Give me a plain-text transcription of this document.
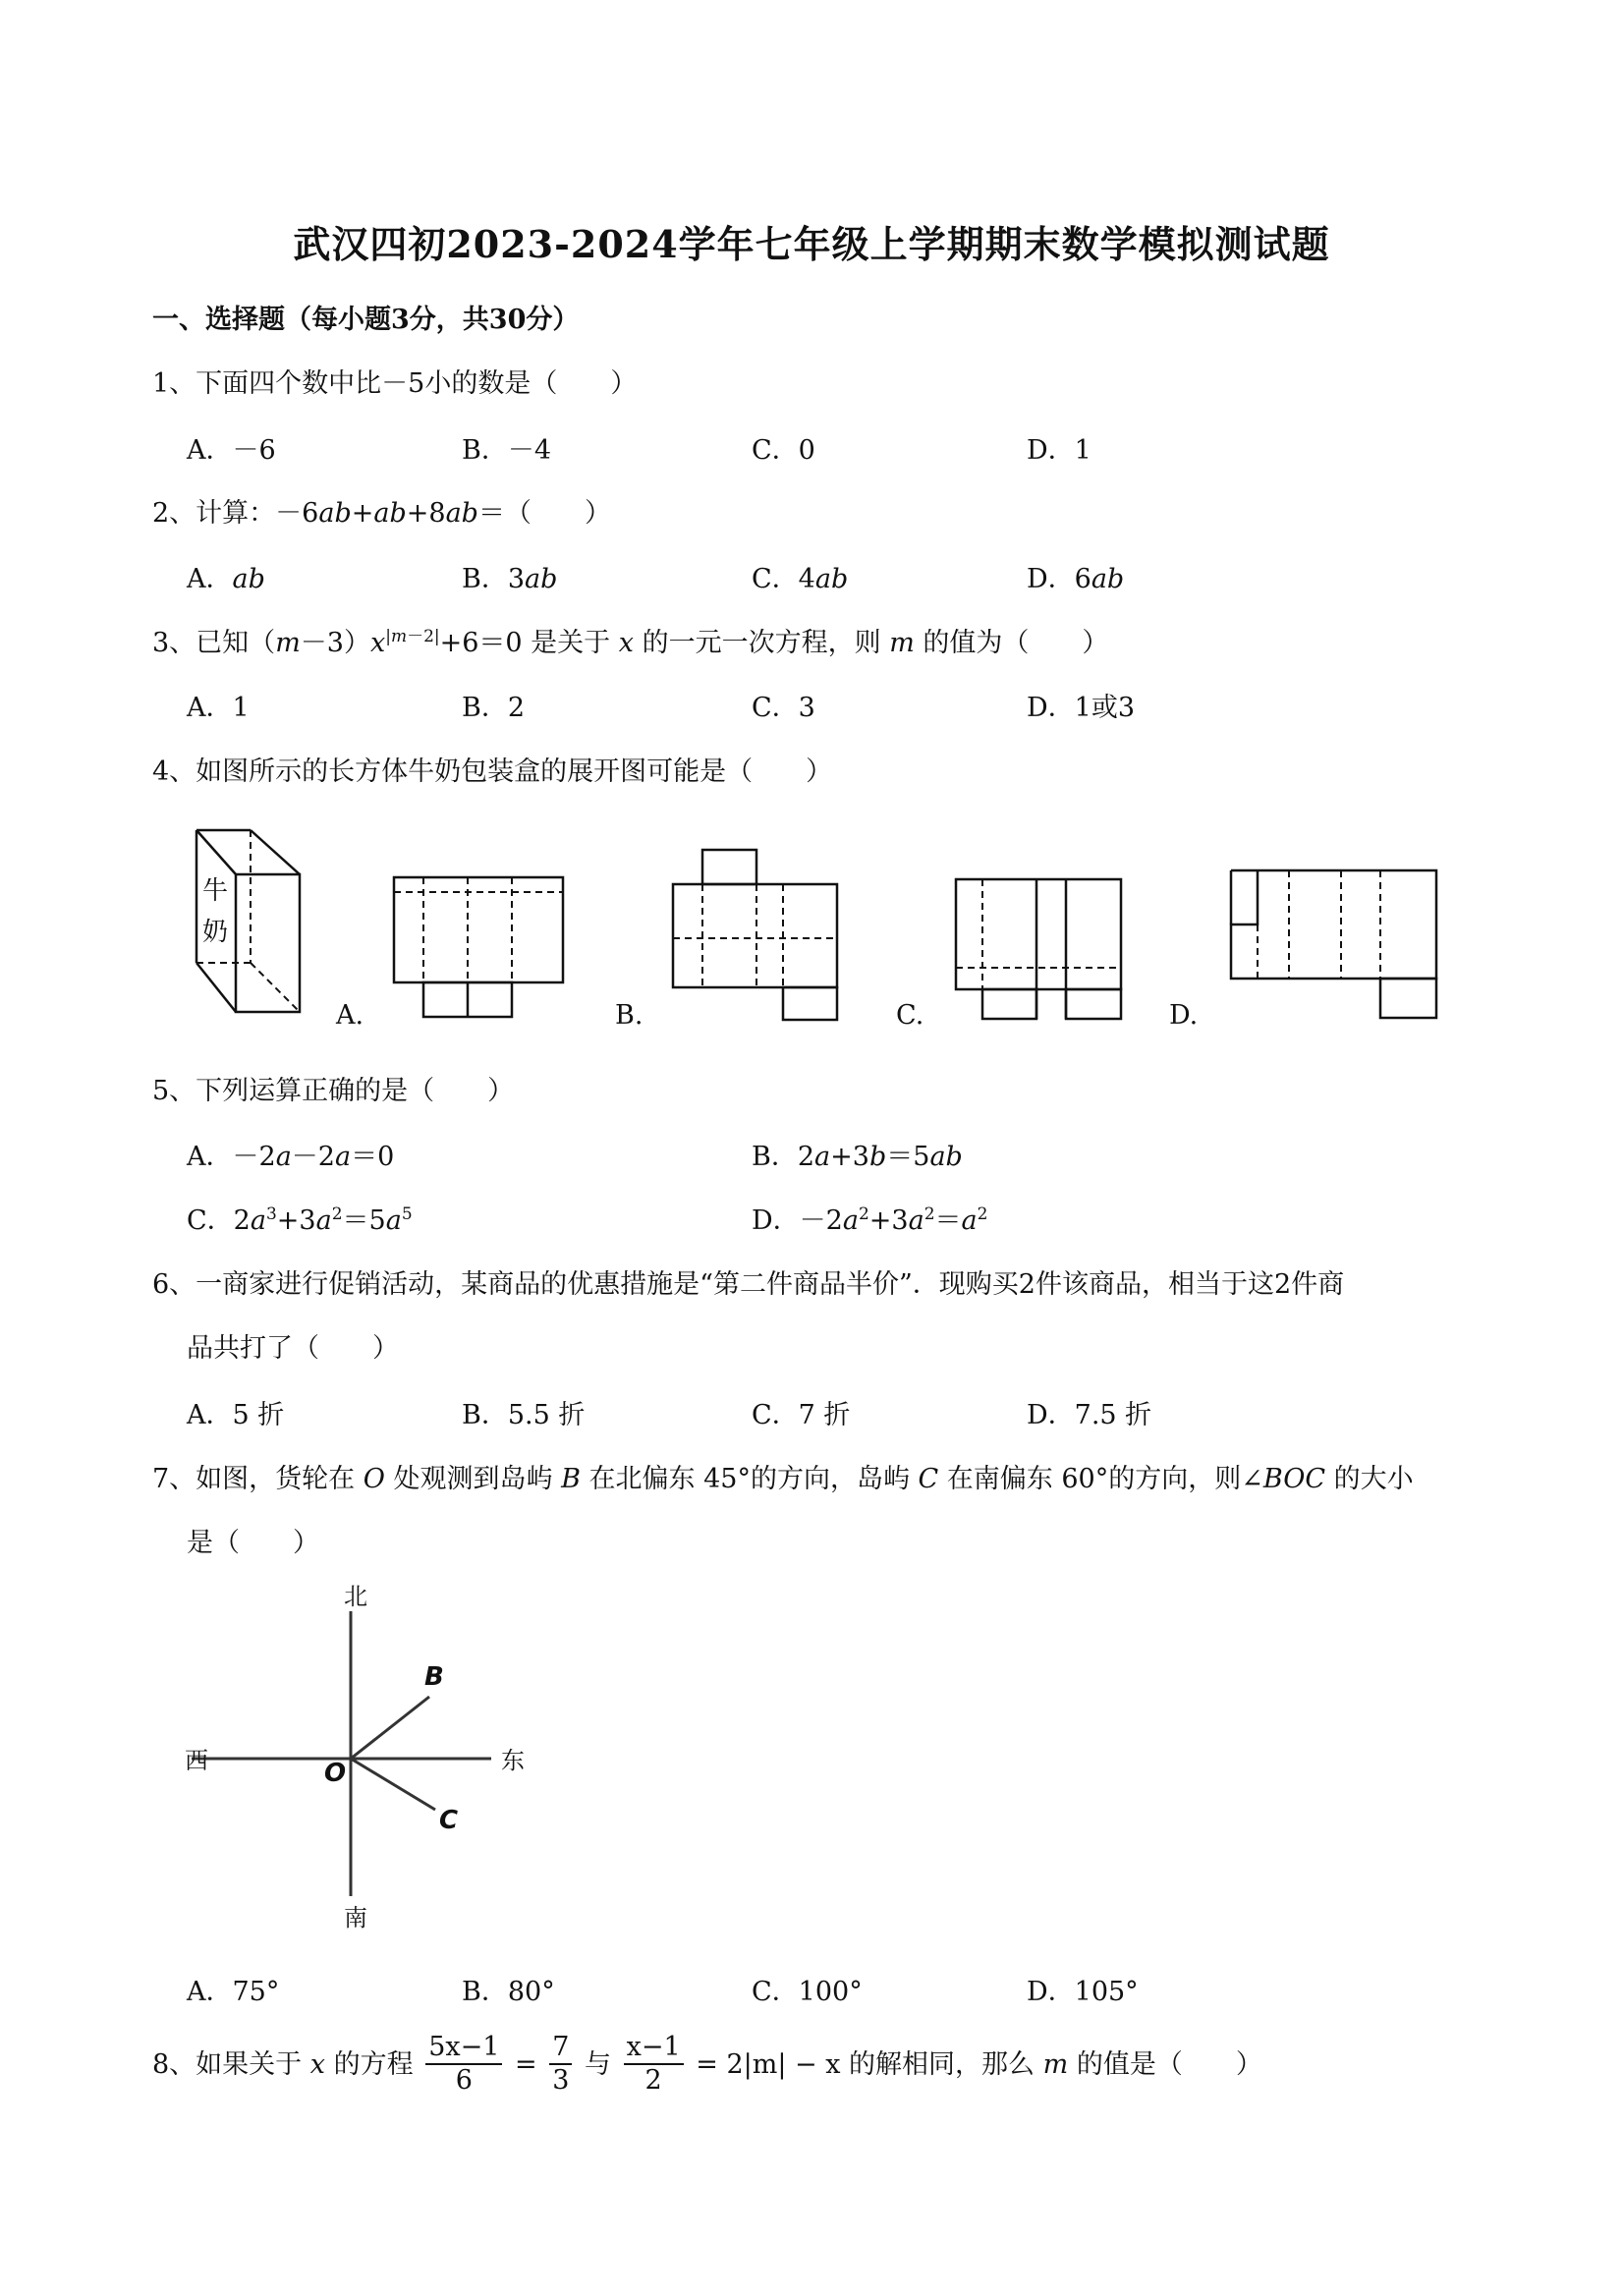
武汉四初2023-2024学年七年级上学期期末数学模拟测试题
一、选择题（每小题3分，共30分）
1、下面四个数中比－5小的数是（　　）
A．－6	B．－4	C．0	D．1
2、计算：－6ab+ab+8ab＝（　　）
A．ab	B．3ab	C．4ab	D．6ab
3、已知$(m-3)x^{|m-2|}+6=0$ 是关于 x 的一元一次方程，则 m 的值为（　　）
A．1	B．2	C．3	D．1或3
4、如图所示的长方体牛奶包装盒的展开图可能是（　　）
牛
奶
A.	B.	C.	D.
5、下列运算正确的是（　　）
A．－2a－2a＝0	B．2a+3b＝5ab
C．$2a^3+3a^2=5a^5$	D．$-2a^2+3a^2=a^2$
6、一商家进行促销活动，某商品的优惠措施是“第二件商品半价”．现购买2件该商品，相当于这2件商
品共打了（　　）
A．5 折	B．5.5 折	C．7 折	D．7.5 折
7、如图，货轮在 O 处观测到岛屿 B 在北偏东 45°的方向，岛屿 C 在南偏东 60°的方向，则∠BOC 的大小
是（　　）
北
南
西	东
O
B
C
A．75°	B．80°	C．100°	D．105°
8、如果关于 x 的方程 $\frac{5x-1}{6} = \frac{7}{3}$ 与 $\frac{x-1}{2} = 2|m| - x$ 的解相同，那么 m 的值是（　　）
